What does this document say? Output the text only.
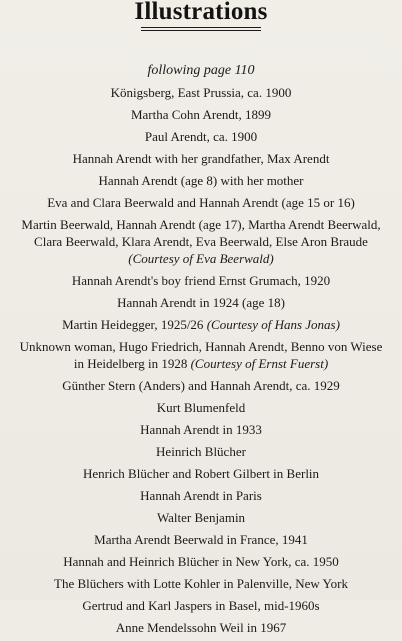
Illustrations
following page 110
Königsberg, East Prussia, ca. 1900
Martha Cohn Arendt, 1899
Paul Arendt, ca. 1900
Hannah Arendt with her grandfather, Max Arendt
Hannah Arendt (age 8) with her mother
Eva and Clara Beerwald and Hannah Arendt (age 15 or 16)
Martin Beerwald, Hannah Arendt (age 17), Martha Arendt Beerwald,
Clara Beerwald, Klara Arendt, Eva Beerwald, Else Aron Braude
(Courtesy of Eva Beerwald)
Hannah Arendt's boy friend Ernst Grumach, 1920
Hannah Arendt in 1924 (age 18)
Martin Heidegger, 1925/26 (Courtesy of Hans Jonas)
Unknown woman, Hugo Friedrich, Hannah Arendt, Benno von Wiese
in Heidelberg in 1928 (Courtesy of Ernst Fuerst)
Günther Stern (Anders) and Hannah Arendt, ca. 1929
Kurt Blumenfeld
Hannah Arendt in 1933
Heinrich Blücher
Henrich Blücher and Robert Gilbert in Berlin
Hannah Arendt in Paris
Walter Benjamin
Martha Arendt Beerwald in France, 1941
Hannah and Heinrich Blücher in New York, ca. 1950
The Blüchers with Lotte Kohler in Palenville, New York
Gertrud and Karl Jaspers in Basel, mid-1960s
Anne Mendelssohn Weil in 1967
